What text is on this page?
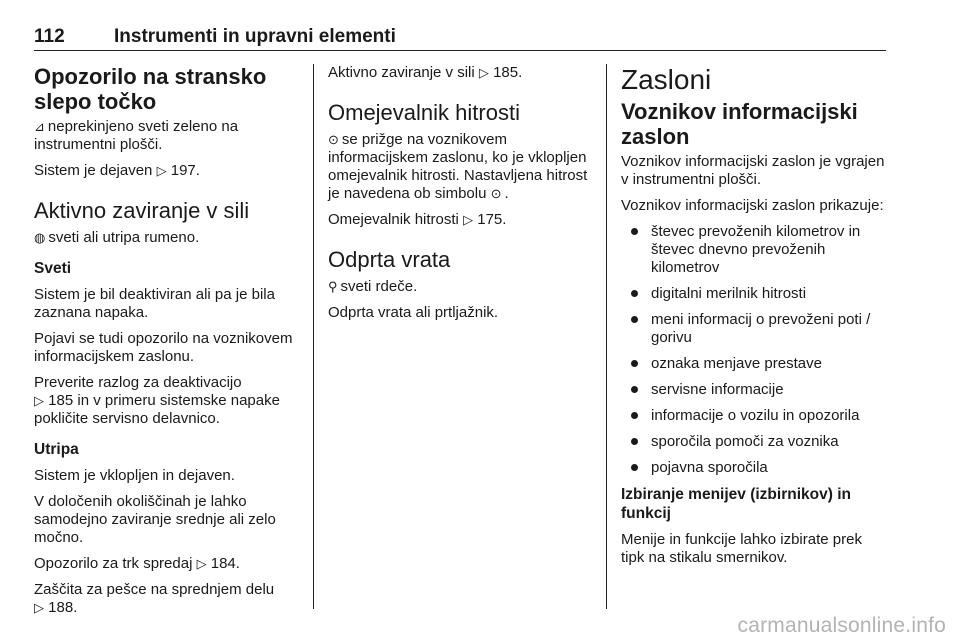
112	Instrumenti in upravni elementi
Opozorilo na stransko slepo točko

⊿ neprekinjeno sveti zeleno na instrumentni plošči.

Sistem je dejaven ▷ 197.

Aktivno zaviranje v sili

◍ sveti ali utripa rumeno.

Sveti

Sistem je bil deaktiviran ali pa je bila zaznana napaka.

Pojavi se tudi opozorilo na voznikovem informacijskem zaslonu.

Preverite razlog za deaktivacijo
▷ 185 in v primeru sistemske napake pokličite servisno delavnico.

Utripa

Sistem je vklopljen in dejaven.

V določenih okoliščinah je lahko samodejno zaviranje srednje ali zelo močno.

Opozorilo za trk spredaj ▷ 184.

Zaščita za pešce na sprednjem delu
▷ 188.

Aktivno zaviranje v sili ▷ 185.

Omejevalnik hitrosti

⊙ se prižge na voznikovem informacijskem zaslonu, ko je vklopljen omejevalnik hitrosti. Nastavljena hitrost je navedena ob simbolu ⊙ .

Omejevalnik hitrosti ▷ 175.

Odprta vrata

⚲ sveti rdeče.

Odprta vrata ali prtljažnik.

Zasloni
Voznikov informacijski zaslon

Voznikov informacijski zaslon je vgrajen v instrumentni plošči.

Voznikov informacijski zaslon prikazuje:

števec prevoženih kilometrov in števec dnevno prevoženih kilometrov
digitalni merilnik hitrosti
meni informacij o prevoženi poti / gorivu
oznaka menjave prestave
servisne informacije
informacije o vozilu in opozorila
sporočila pomoči za voznika
pojavna sporočila
Izbiranje menijev (izbirnikov) in funkcij

Menije in funkcije lahko izbirate prek tipk na stikalu smernikov.

carmanualsonline.info
